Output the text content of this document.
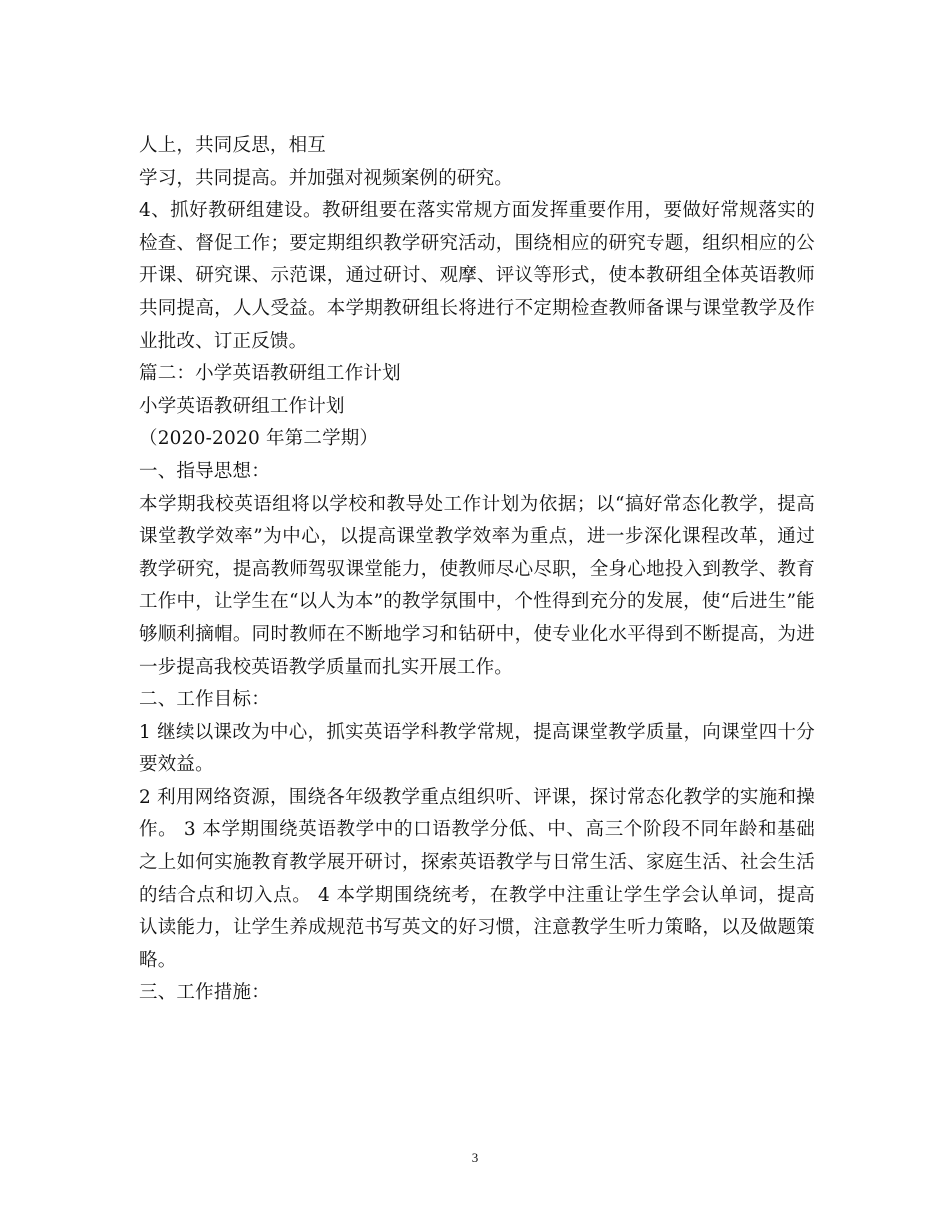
人上，共同反思，相互
学习，共同提高。并加强对视频案例的研究。
4、抓好教研组建设。教研组要在落实常规方面发挥重要作用，要做好常规落实的
检查、督促工作；要定期组织教学研究活动，围绕相应的研究专题，组织相应的公
开课、研究课、示范课，通过研讨、观摩、评议等形式，使本教研组全体英语教师
共同提高，人人受益。本学期教研组长将进行不定期检查教师备课与课堂教学及作
业批改、订正反馈。
篇二：小学英语教研组工作计划
小学英语教研组工作计划
（2020-2020 年第二学期）
一、指导思想：
本学期我校英语组将以学校和教导处工作计划为依据；以“搞好常态化教学，提高
课堂教学效率”为中心，以提高课堂教学效率为重点，进一步深化课程改革，通过
教学研究，提高教师驾驭课堂能力，使教师尽心尽职，全身心地投入到教学、教育
工作中，让学生在“以人为本”的教学氛围中，个性得到充分的发展，使“后进生”能
够顺利摘帽。同时教师在不断地学习和钻研中，使专业化水平得到不断提高，为进
一步提高我校英语教学质量而扎实开展工作。
二、工作目标：
1 继续以课改为中心，抓实英语学科教学常规，提高课堂教学质量，向课堂四十分
要效益。
2 利用网络资源，围绕各年级教学重点组织听、评课，探讨常态化教学的实施和操
作。 3 本学期围绕英语教学中的口语教学分低、中、高三个阶段不同年龄和基础
之上如何实施教育教学展开研讨，探索英语教学与日常生活、家庭生活、社会生活
的结合点和切入点。 4 本学期围绕统考，在教学中注重让学生学会认单词，提高
认读能力，让学生养成规范书写英文的好习惯，注意教学生听力策略，以及做题策
略。
三、工作措施：
3
